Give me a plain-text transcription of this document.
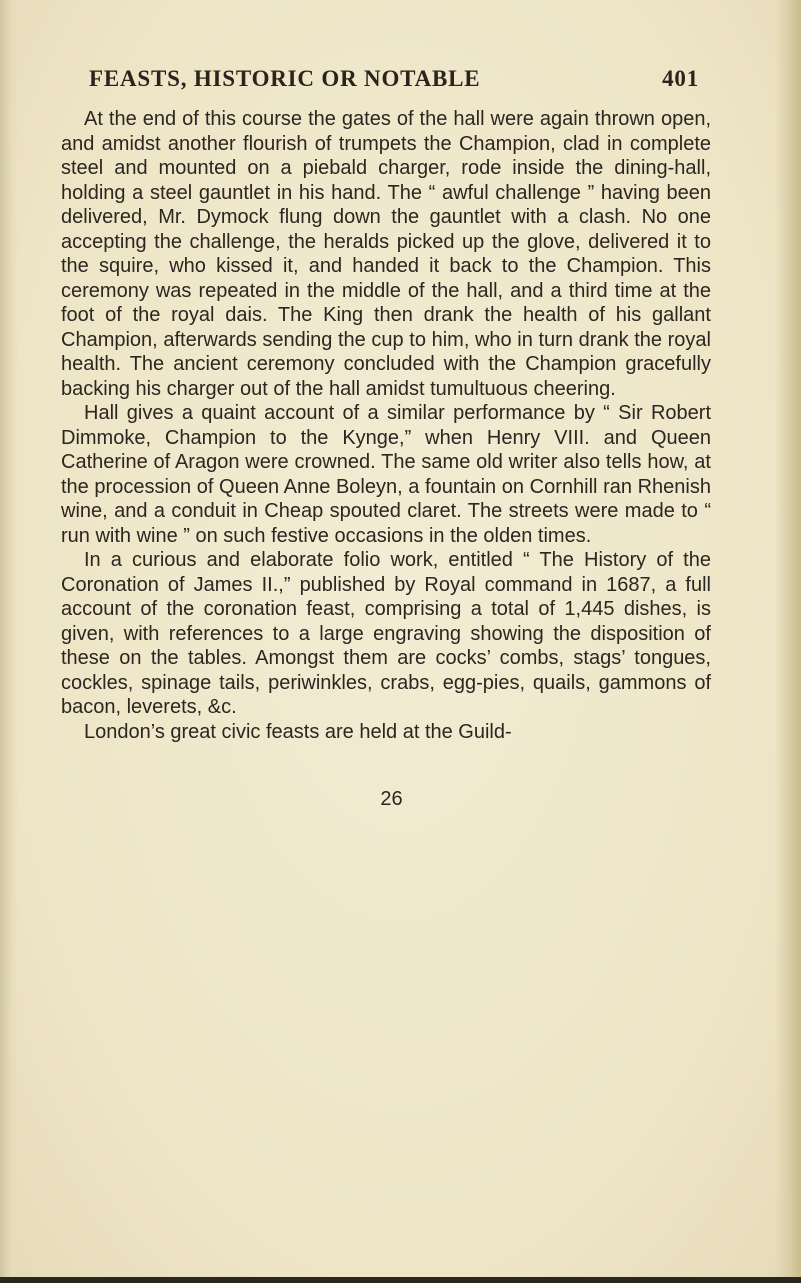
FEASTS, HISTORIC OR NOTABLE	401

At the end of this course the gates of the hall were again thrown open, and amidst another flourish of trumpets the Champion, clad in complete steel and mounted on a piebald charger, rode inside the dining-hall, holding a steel gauntlet in his hand. The “ awful challenge ” having been delivered, Mr. Dymock flung down the gauntlet with a clash. No one accepting the challenge, the heralds picked up the glove, delivered it to the squire, who kissed it, and handed it back to the Champion. This ceremony was repeated in the middle of the hall, and a third time at the foot of the royal dais. The King then drank the health of his gallant Champion, afterwards sending the cup to him, who in turn drank the royal health. The ancient ceremony concluded with the Champion gracefully backing his charger out of the hall amidst tumultuous cheering.

Hall gives a quaint account of a similar performance by “ Sir Robert Dimmoke, Champion to the Kynge,” when Henry VIII. and Queen Catherine of Aragon were crowned. The same old writer also tells how, at the procession of Queen Anne Boleyn, a fountain on Cornhill ran Rhenish wine, and a conduit in Cheap spouted claret. The streets were made to “ run with wine ” on such festive occasions in the olden times.

In a curious and elaborate folio work, entitled “ The History of the Coronation of James II.,” published by Royal command in 1687, a full account of the coronation feast, comprising a total of 1,445 dishes, is given, with references to a large engraving showing the disposition of these on the tables. Amongst them are cocks’ combs, stags’ tongues, cockles, spinage tails, periwinkles, crabs, egg-pies, quails, gammons of bacon, leverets, &c.

London’s great civic feasts are held at the Guild-

26
